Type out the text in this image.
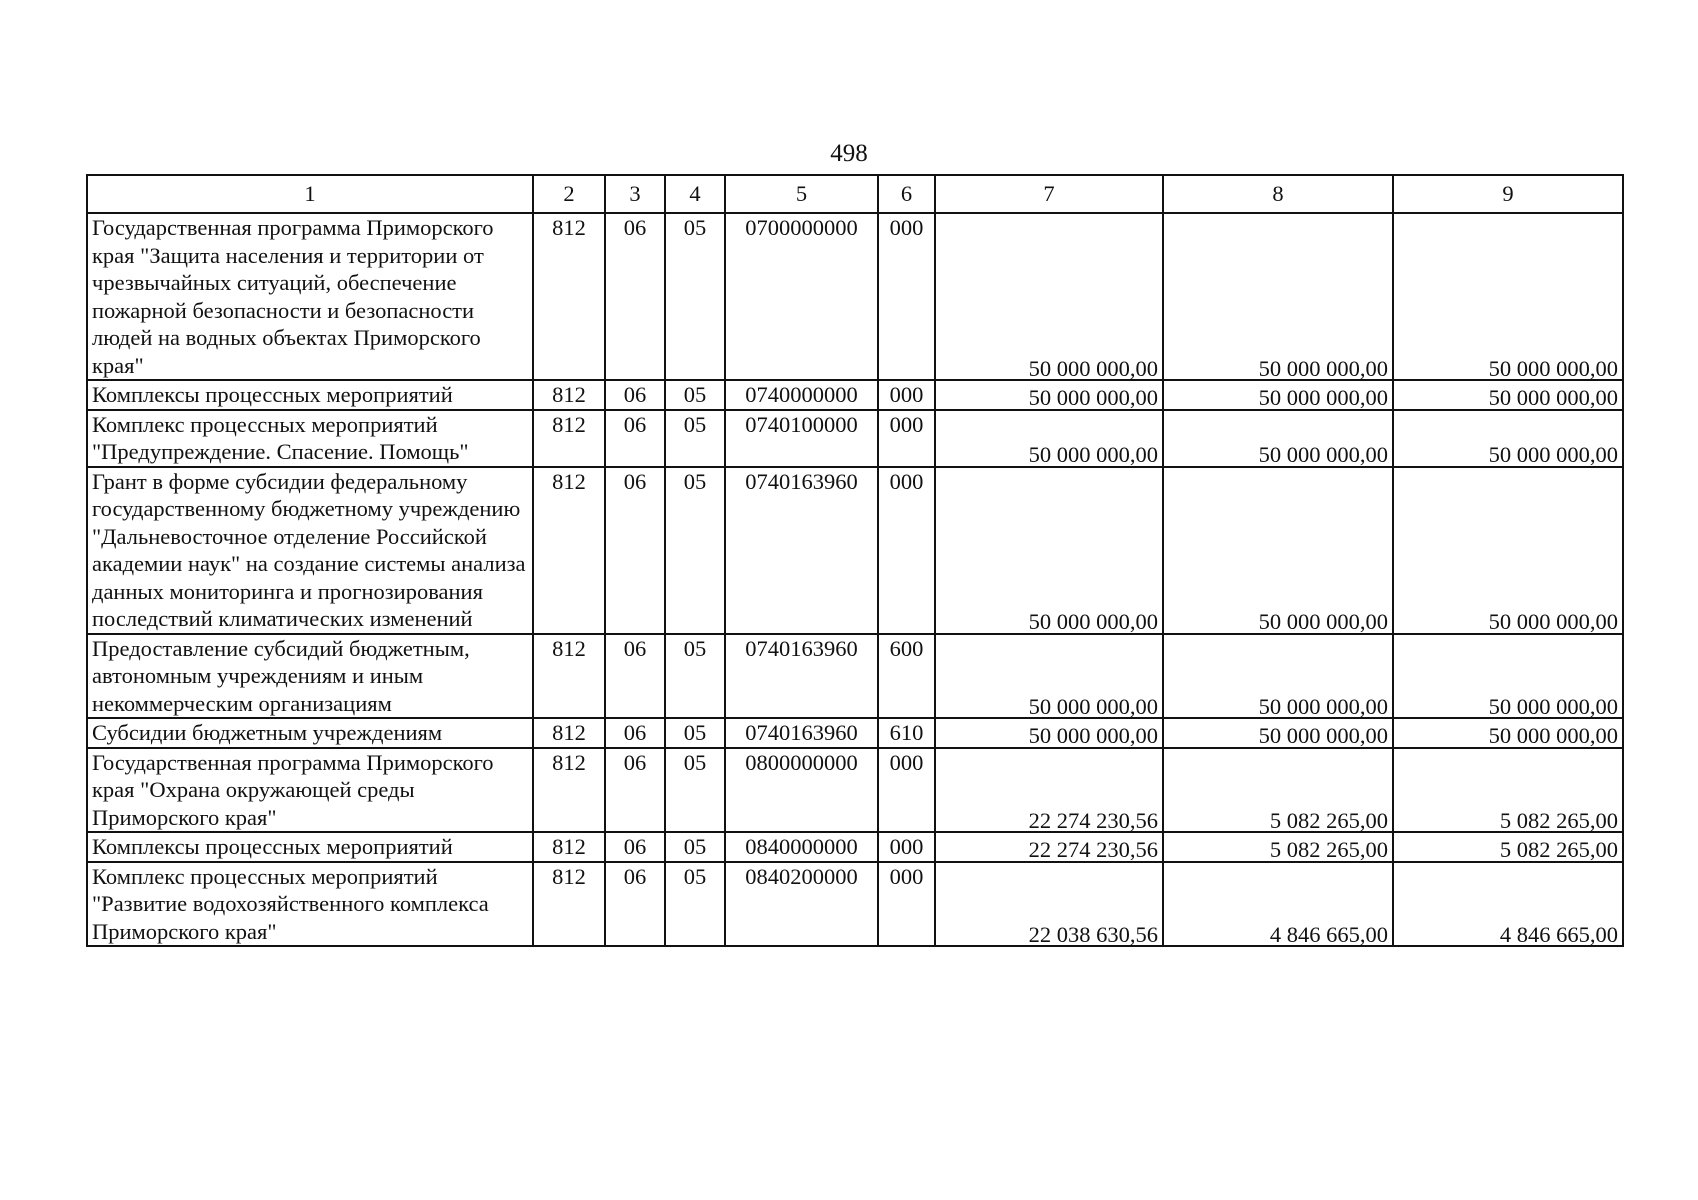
498
1	2	3	4	5	6	7	8	9
Государственная программа Приморского края "Защита населения и территории от чрезвычайных ситуаций, обеспечение пожарной безопасности и безопасности людей на водных объектах Приморского края"	812	06	05	0700000000	000	50 000 000,00	50 000 000,00	50 000 000,00

Комплексы процессных мероприятий	812	06	05	0740000000	000	50 000 000,00	50 000 000,00	50 000 000,00

Комплекс процессных мероприятий "Предупреждение. Спасение. Помощь"	812	06	05	0740100000	000	50 000 000,00	50 000 000,00	50 000 000,00

Грант в форме субсидии федеральному государственному бюджетному учреждению "Дальневосточное отделение Российской академии наук" на создание системы анализа данных мониторинга и прогнозирования последствий климатических изменений	812	06	05	0740163960	000	50 000 000,00	50 000 000,00	50 000 000,00

Предоставление субсидий бюджетным, автономным учреждениям и иным некоммерческим организациям	812	06	05	0740163960	600	50 000 000,00	50 000 000,00	50 000 000,00

Субсидии бюджетным учреждениям	812	06	05	0740163960	610	50 000 000,00	50 000 000,00	50 000 000,00

Государственная программа Приморского края "Охрана окружающей среды Приморского края"	812	06	05	0800000000	000	22 274 230,56	5 082 265,00	5 082 265,00

Комплексы процессных мероприятий	812	06	05	0840000000	000	22 274 230,56	5 082 265,00	5 082 265,00

Комплекс процессных мероприятий "Развитие водохозяйственного комплекса Приморского края"	812	06	05	0840200000	000	22 038 630,56	4 846 665,00	4 846 665,00
